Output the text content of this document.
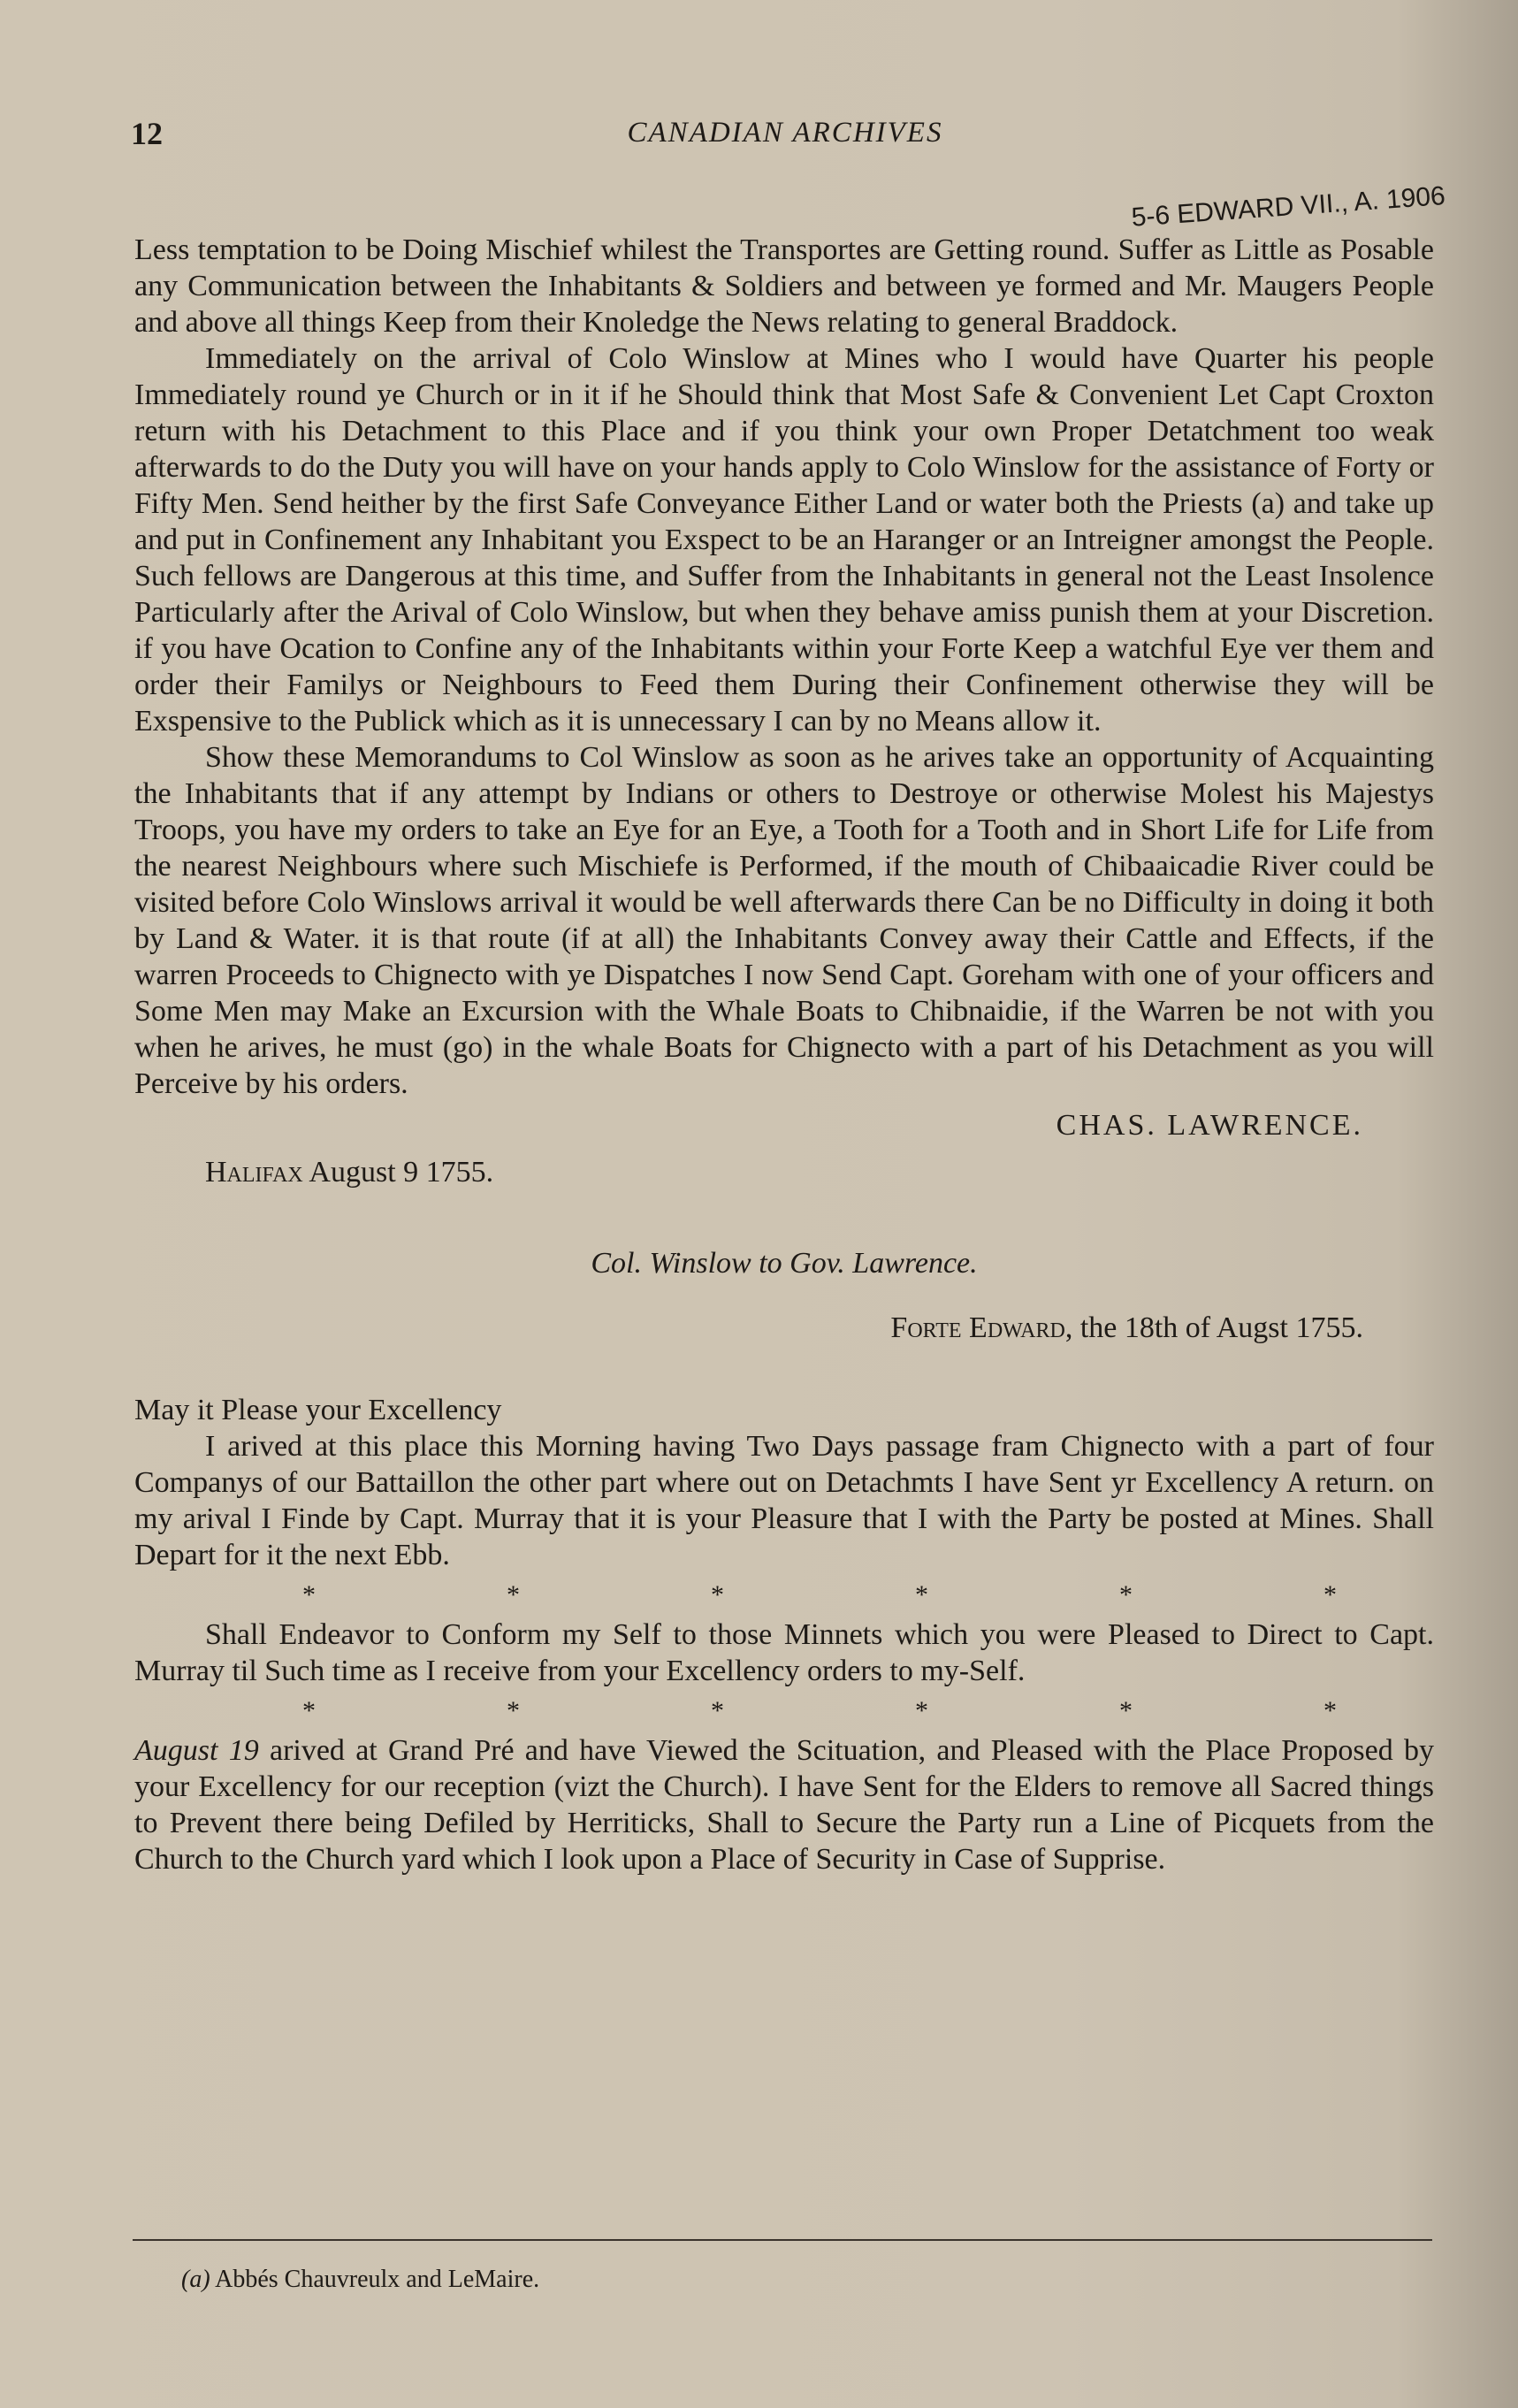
12	CANADIAN ARCHIVES
5-6 EDWARD VII., A. 1906

Less temptation to be Doing Mischief whilest the Transportes are Getting round. Suffer as Little as Posable any Communication between the Inhabitants & Soldiers and between ye formed and Mr. Maugers People and above all things Keep from their Knoledge the News relating to general Braddock.

Immediately on the arrival of Colo Winslow at Mines who I would have Quarter his people Immediately round ye Church or in it if he Should think that Most Safe & Convenient Let Capt Croxton return with his Detachment to this Place and if you think your own Proper Detatchment too weak afterwards to do the Duty you will have on your hands apply to Colo Winslow for the assistance of Forty or Fifty Men. Send heither by the first Safe Conveyance Either Land or water both the Priests (a) and take up and put in Confinement any Inhabitant you Exspect to be an Haranger or an Intreigner amongst the People. Such fellows are Dangerous at this time, and Suffer from the Inhabitants in general not the Least Insolence Particularly after the Arival of Colo Winslow, but when they behave amiss punish them at your Discretion. if you have Ocation to Confine any of the Inhabitants within your Forte Keep a watchful Eye ver them and order their Familys or Neighbours to Feed them During their Confinement otherwise they will be Exspensive to the Publick which as it is unnecessary I can by no Means allow it.

Show these Memorandums to Col Winslow as soon as he arives take an opportunity of Acquainting the Inhabitants that if any attempt by Indians or others to Destroye or otherwise Molest his Majestys Troops, you have my orders to take an Eye for an Eye, a Tooth for a Tooth and in Short Life for Life from the nearest Neighbours where such Mischiefe is Performed, if the mouth of Chibaaicadie River could be visited before Colo Winslows arrival it would be well afterwards there Can be no Difficulty in doing it both by Land & Water. it is that route (if at all) the Inhabitants Convey away their Cattle and Effects, if the warren Proceeds to Chignecto with ye Dispatches I now Send Capt. Goreham with one of your officers and Some Men may Make an Excursion with the Whale Boats to Chibnaidie, if the Warren be not with you when he arives, he must (go) in the whale Boats for Chignecto with a part of his Detachment as you will Perceive by his orders.

CHAS. LAWRENCE.

Halifax August 9 1755.

Col. Winslow to Gov. Lawrence.

Forte Edward, the 18th of Augst 1755.

May it Please your Excellency

I arived at this place this Morning having Two Days passage fram Chignecto with a part of four Companys of our Battaillon the other part where out on Detachmts I have Sent yr Excellency A return. on my arival I Finde by Capt. Murray that it is your Pleasure that I with the Party be posted at Mines. Shall Depart for it the next Ebb.

*	*	*	*	*	*

Shall Endeavor to Conform my Self to those Minnets which you were Pleased to Direct to Capt. Murray til Such time as I receive from your Excellency orders to my-Self.

*	*	*	*	*	*

August 19 arived at Grand Pré and have Viewed the Scituation, and Pleased with the Place Proposed by your Excellency for our reception (vizt the Church). I have Sent for the Elders to remove all Sacred things to Prevent there being Defiled by Herriticks, Shall to Secure the Party run a Line of Picquets from the Church to the Church yard which I look upon a Place of Security in Case of Supprise.

(a) Abbés Chauvreulx and LeMaire.
